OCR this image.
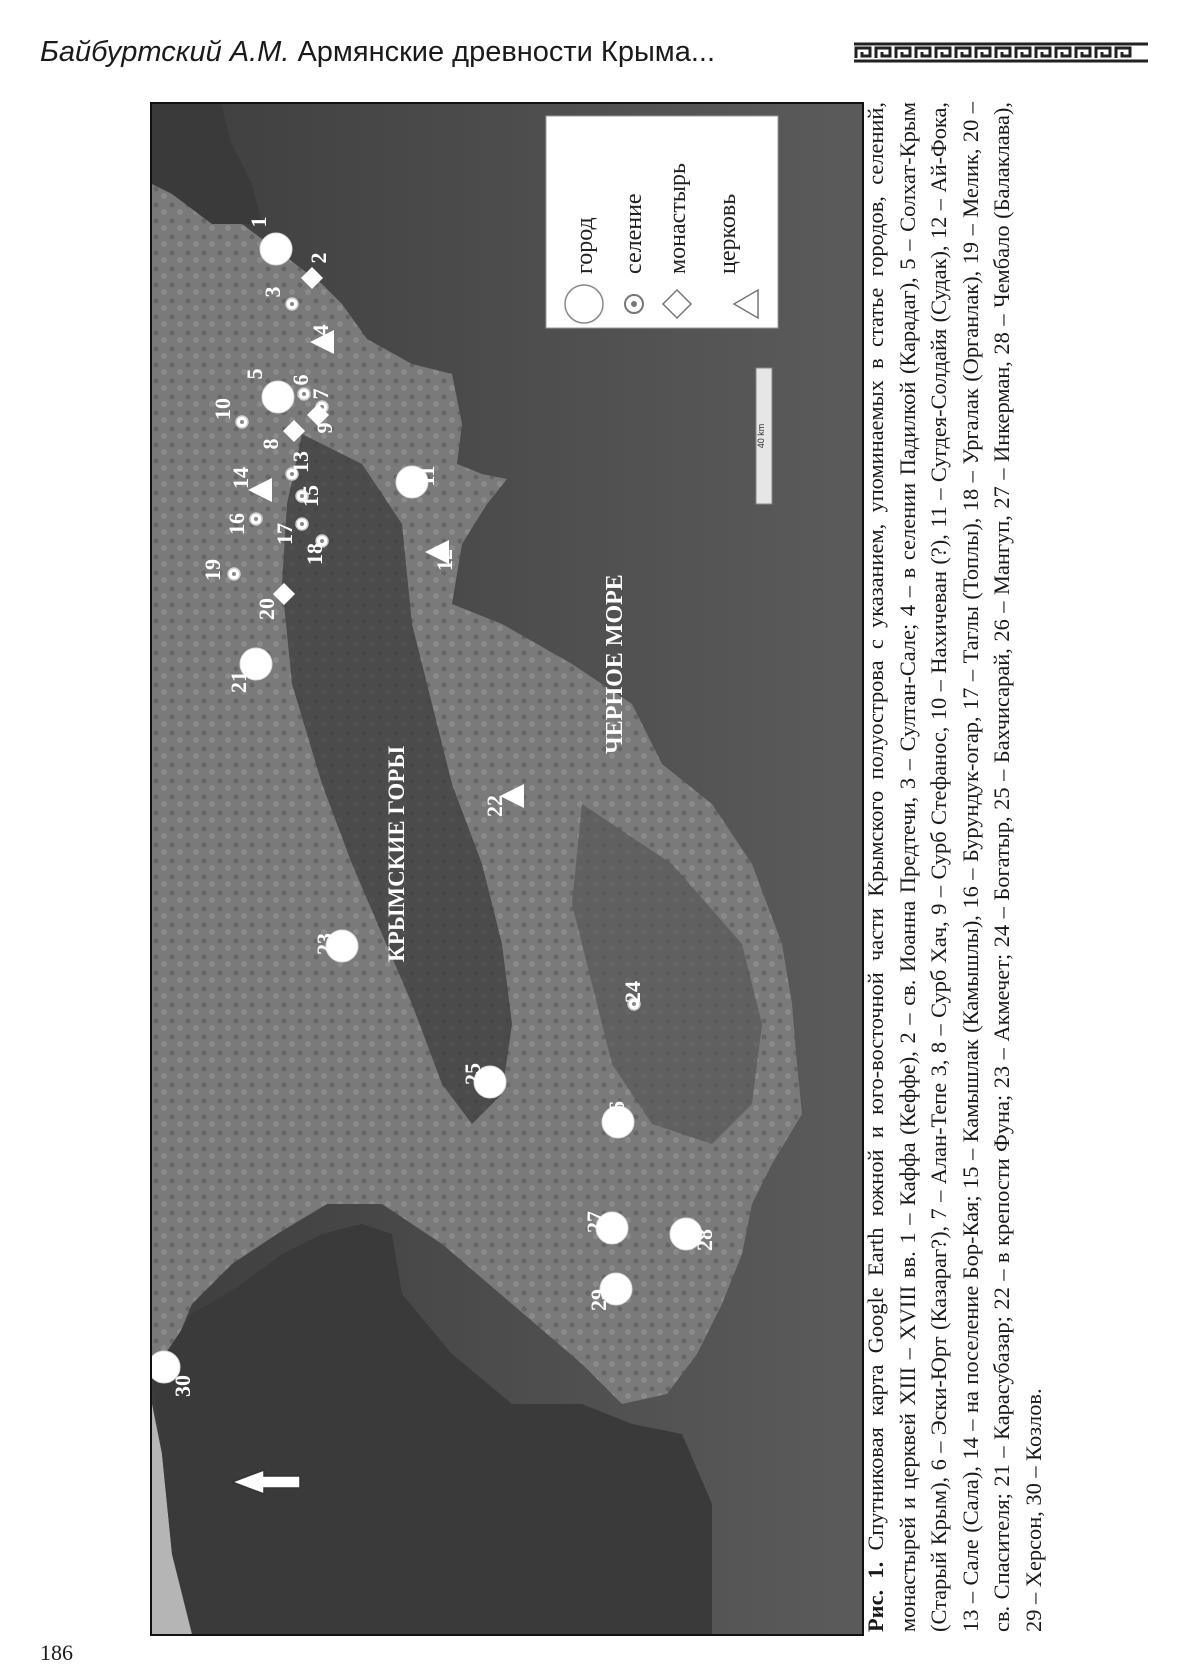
Байбуртский А.М. Армянские древности Крыма...
40 km
ЧЕРНОЕ МОРЕ
КРЫМСКИЕ ГОРЫ
город селение монастырь церковь
1
2
3
4
5
6
7
8
9
10
11
12
13
14
15
16 17
18
19
20
21
22
23
24
25
26
27
28
29
30
Рис. 1. Спутниковая карта Google Earth южной и юго-восточной части Крымского полуострова с указанием, упоминаемых в статье городов, селений, монастырей и церквей XIII – XVIII вв. 1 – Каффа (Кеффе), 2 – св. Иоанна Предтечи, 3 – Султан-Сале; 4 – в селении Падилкой (Карадаг), 5 – Солхат-Крым (Старый Крым), 6 – Эски-Юрт (Казараг?), 7 – Алан-Тепе 3, 8 – Сурб Хач, 9 – Сурб Стефанос, 10 – Нахичеван (?), 11 – Сугдея-Солдайя (Судак), 12 – Ай-Фока, 13 – Сале (Сала), 14 – на поселение Бор-Кая; 15 – Камышлак (Камышлы), 16 – Бурундук-огар, 17 – Таглы (Топлы), 18 – Ургалак (Органлак), 19 – Мелик, 20 – св. Спасителя; 21 – Карасубазар; 22 – в крепости Фуна; 23 – Акмечет; 24 – Богатыр, 25 – Бахчисарай, 26 – Мангуп, 27 – Инкерман, 28 – Чембало (Балаклава), 29 – Херсон, 30 – Козлов.
186
